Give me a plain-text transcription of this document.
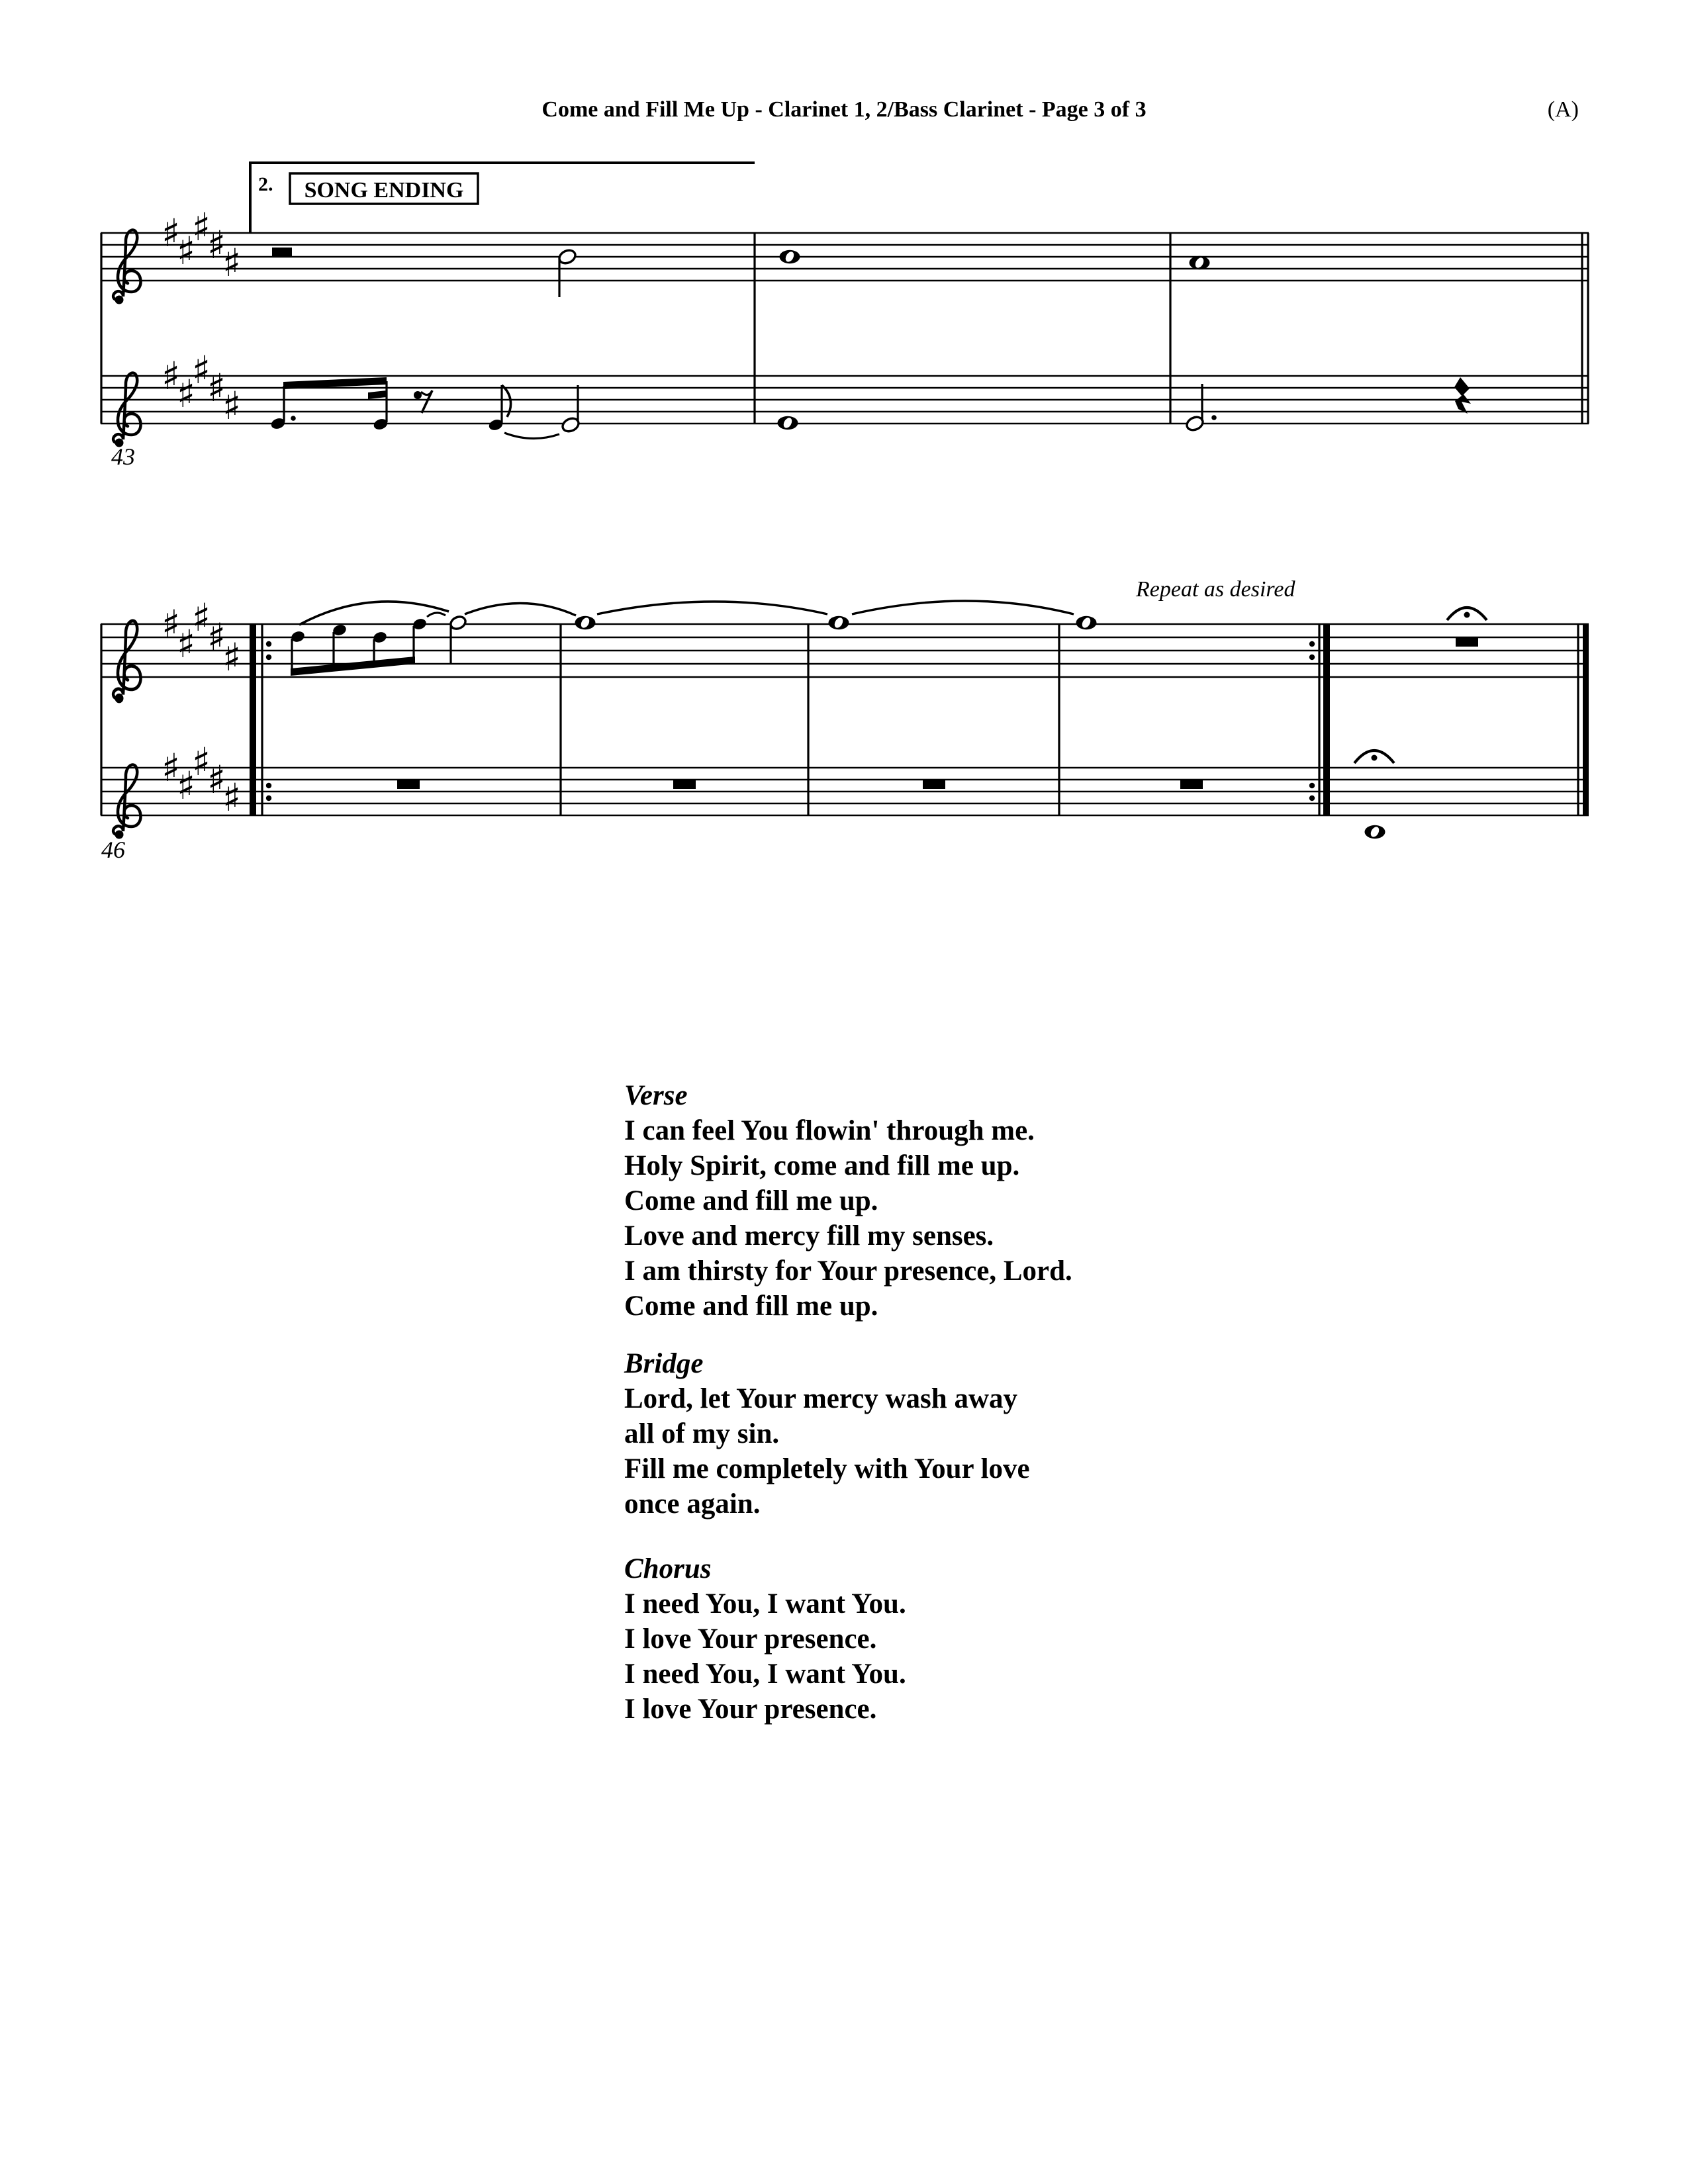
Come and Fill Me Up - Clarinet 1, 2/Bass Clarinet - Page 3 of 3	(A)
♯
♯
♯
♯
♯
♯
♯
♯
♯
♯
2. SONG ENDING
43
♯
♯
♯
♯
♯
♯
♯
♯
♯
♯
Repeat as desired
46
Verse
I can feel You flowin' through me.
Holy Spirit, come and fill me up.
Come and fill me up.
Love and mercy fill my senses.
I am thirsty for Your presence, Lord.
Come and fill me up.
Bridge
Lord, let Your mercy wash away
all of my sin.
Fill me completely with Your love
once again.
Chorus
I need You, I want You.
I love Your presence.
I need You, I want You.
I love Your presence.
